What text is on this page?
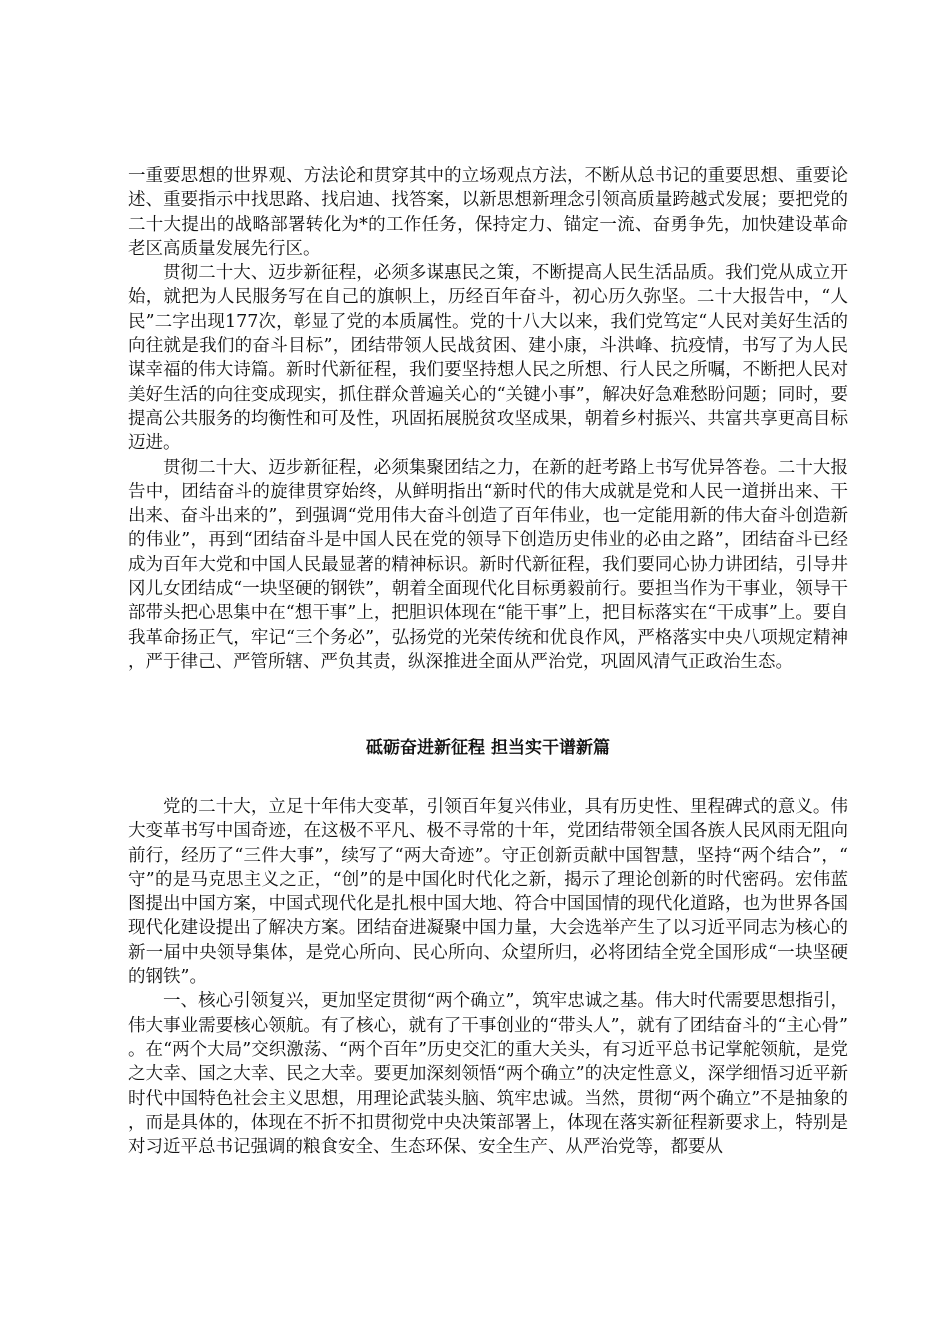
一重要思想的世界观、方法论和贯穿其中的立场观点方法，不断从总书记的重要思想、重要论述、重要指示中找思路、找启迪、找答案，以新思想新理念引领高质量跨越式发展；要把党的二十大提出的战略部署转化为*的工作任务，保持定力、锚定一流、奋勇争先，加快建设革命老区高质量发展先行区。

贯彻二十大、迈步新征程，必须多谋惠民之策，不断提高人民生活品质。我们党从成立开始，就把为人民服务写在自己的旗帜上，历经百年奋斗，初心历久弥坚。二十大报告中，“人民”二字出现177次，彰显了党的本质属性。党的十八大以来，我们党笃定“人民对美好生活的向往就是我们的奋斗目标”，团结带领人民战贫困、建小康，斗洪峰、抗疫情，书写了为人民谋幸福的伟大诗篇。新时代新征程，我们要坚持想人民之所想、行人民之所嘱，不断把人民对美好生活的向往变成现实，抓住群众普遍关心的“关键小事”，解决好急难愁盼问题；同时，要提高公共服务的均衡性和可及性，巩固拓展脱贫攻坚成果，朝着乡村振兴、共富共享更高目标迈进。

贯彻二十大、迈步新征程，必须集聚团结之力，在新的赶考路上书写优异答卷。二十大报告中，团结奋斗的旋律贯穿始终，从鲜明指出“新时代的伟大成就是党和人民一道拼出来、干出来、奋斗出来的”，到强调“党用伟大奋斗创造了百年伟业，也一定能用新的伟大奋斗创造新的伟业”，再到“团结奋斗是中国人民在党的领导下创造历史伟业的必由之路”，团结奋斗已经成为百年大党和中国人民最显著的精神标识。新时代新征程，我们要同心协力讲团结，引导井冈儿女团结成“一块坚硬的钢铁”，朝着全面现代化目标勇毅前行。要担当作为干事业，领导干部带头把心思集中在“想干事”上，把胆识体现在“能干事”上，把目标落实在“干成事”上。要自我革命扬正气，牢记“三个务必”，弘扬党的光荣传统和优良作风，严格落实中央八项规定精神，严于律己、严管所辖、严负其责，纵深推进全面从严治党，巩固风清气正政治生态。

砥砺奋进新征程 担当实干谱新篇

党的二十大，立足十年伟大变革，引领百年复兴伟业，具有历史性、里程碑式的意义。伟大变革书写中国奇迹，在这极不平凡、极不寻常的十年，党团结带领全国各族人民风雨无阻向前行，经历了“三件大事”，续写了“两大奇迹”。守正创新贡献中国智慧，坚持“两个结合”，“守”的是马克思主义之正，“创”的是中国化时代化之新，揭示了理论创新的时代密码。宏伟蓝图提出中国方案，中国式现代化是扎根中国大地、符合中国国情的现代化道路，也为世界各国现代化建设提出了解决方案。团结奋进凝聚中国力量，大会选举产生了以习近平同志为核心的新一届中央领导集体，是党心所向、民心所向、众望所归，必将团结全党全国形成“一块坚硬的钢铁”。

一、核心引领复兴，更加坚定贯彻“两个确立”，筑牢忠诚之基。伟大时代需要思想指引，伟大事业需要核心领航。有了核心，就有了干事创业的“带头人”，就有了团结奋斗的“主心骨”。在“两个大局”交织激荡、“两个百年”历史交汇的重大关头，有习近平总书记掌舵领航，是党之大幸、国之大幸、民之大幸。要更加深刻领悟“两个确立”的决定性意义，深学细悟习近平新时代中国特色社会主义思想，用理论武装头脑、筑牢忠诚。当然，贯彻“两个确立”不是抽象的，而是具体的，体现在不折不扣贯彻党中央决策部署上，体现在落实新征程新要求上，特别是对习近平总书记强调的粮食安全、生态环保、安全生产、从严治党等，都要从
